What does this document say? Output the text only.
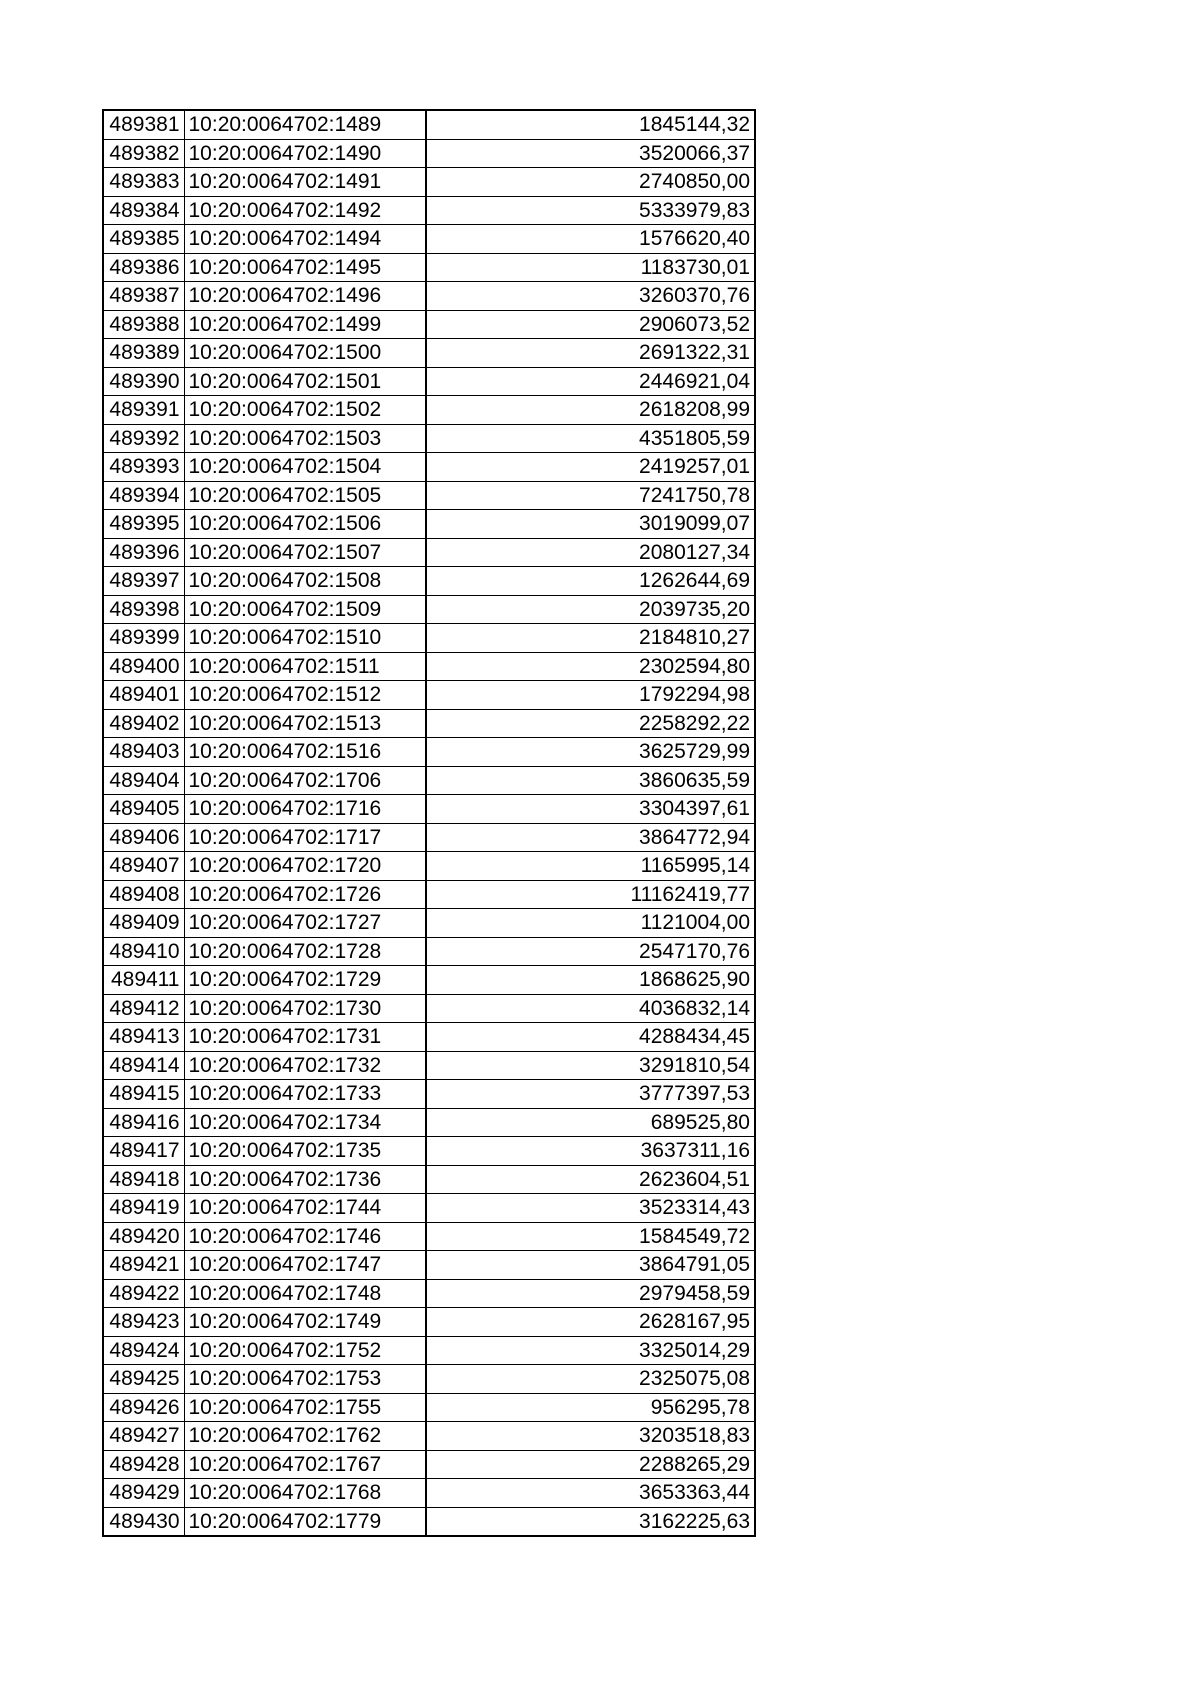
489381	10:20:0064702:1489	1845144,32
489382	10:20:0064702:1490	3520066,37
489383	10:20:0064702:1491	2740850,00
489384	10:20:0064702:1492	5333979,83
489385	10:20:0064702:1494	1576620,40
489386	10:20:0064702:1495	1183730,01
489387	10:20:0064702:1496	3260370,76
489388	10:20:0064702:1499	2906073,52
489389	10:20:0064702:1500	2691322,31
489390	10:20:0064702:1501	2446921,04
489391	10:20:0064702:1502	2618208,99
489392	10:20:0064702:1503	4351805,59
489393	10:20:0064702:1504	2419257,01
489394	10:20:0064702:1505	7241750,78
489395	10:20:0064702:1506	3019099,07
489396	10:20:0064702:1507	2080127,34
489397	10:20:0064702:1508	1262644,69
489398	10:20:0064702:1509	2039735,20
489399	10:20:0064702:1510	2184810,27
489400	10:20:0064702:1511	2302594,80
489401	10:20:0064702:1512	1792294,98
489402	10:20:0064702:1513	2258292,22
489403	10:20:0064702:1516	3625729,99
489404	10:20:0064702:1706	3860635,59
489405	10:20:0064702:1716	3304397,61
489406	10:20:0064702:1717	3864772,94
489407	10:20:0064702:1720	1165995,14
489408	10:20:0064702:1726	11162419,77
489409	10:20:0064702:1727	1121004,00
489410	10:20:0064702:1728	2547170,76
489411	10:20:0064702:1729	1868625,90
489412	10:20:0064702:1730	4036832,14
489413	10:20:0064702:1731	4288434,45
489414	10:20:0064702:1732	3291810,54
489415	10:20:0064702:1733	3777397,53
489416	10:20:0064702:1734	689525,80
489417	10:20:0064702:1735	3637311,16
489418	10:20:0064702:1736	2623604,51
489419	10:20:0064702:1744	3523314,43
489420	10:20:0064702:1746	1584549,72
489421	10:20:0064702:1747	3864791,05
489422	10:20:0064702:1748	2979458,59
489423	10:20:0064702:1749	2628167,95
489424	10:20:0064702:1752	3325014,29
489425	10:20:0064702:1753	2325075,08
489426	10:20:0064702:1755	956295,78
489427	10:20:0064702:1762	3203518,83
489428	10:20:0064702:1767	2288265,29
489429	10:20:0064702:1768	3653363,44
489430	10:20:0064702:1779	3162225,63
